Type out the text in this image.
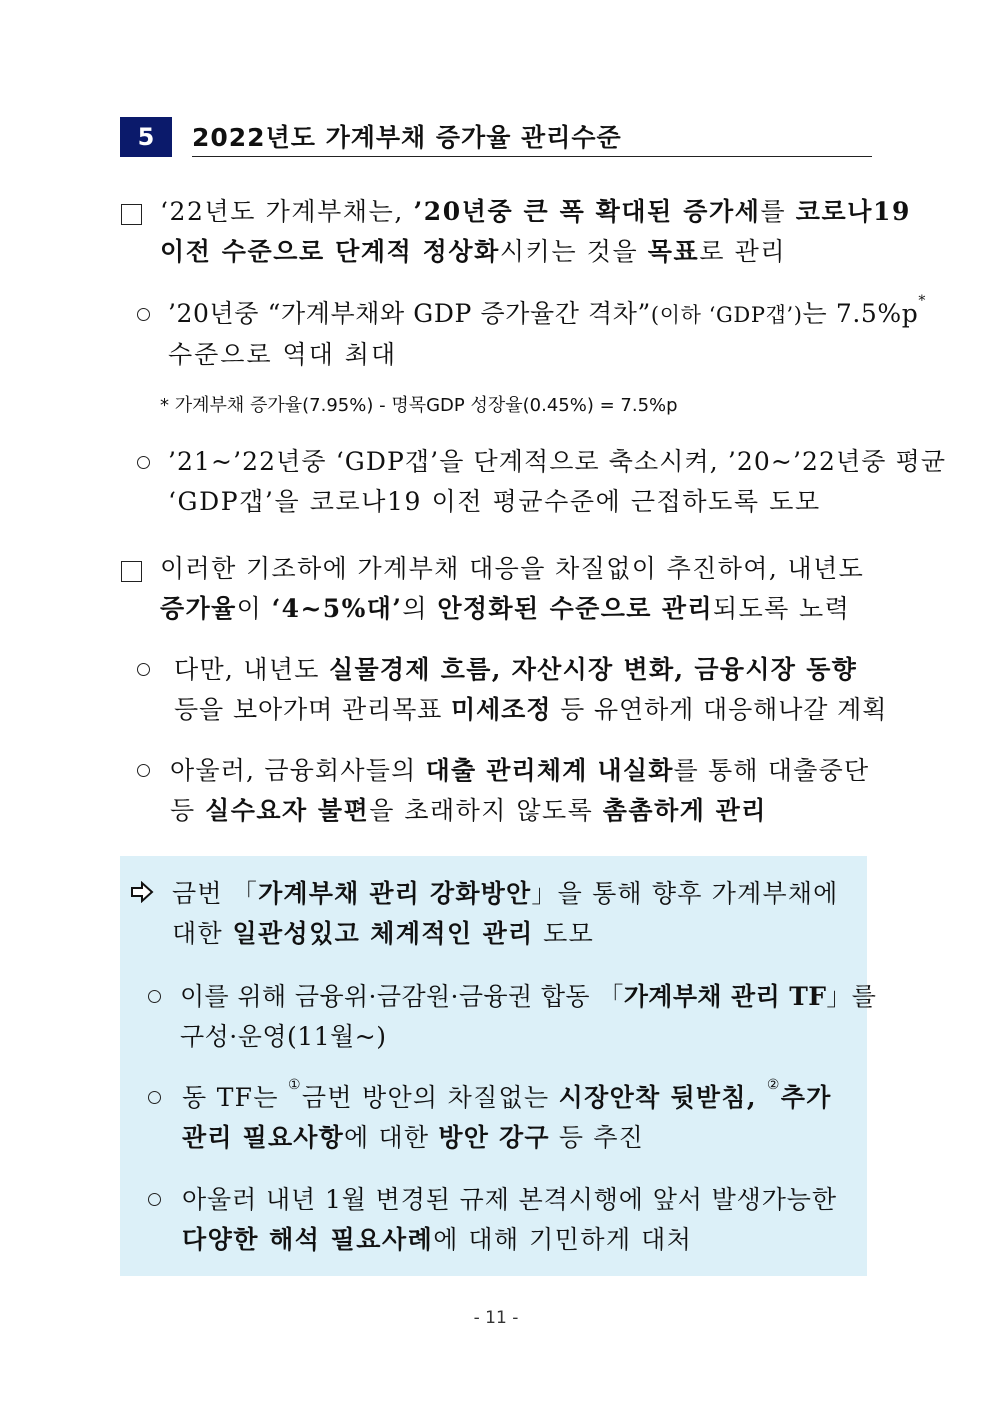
5	2022년도 가계부채 증가율 관리수준
‘22년도 가계부채는, ’20년중 큰 폭 확대된 증가세를 코로나19
이전 수준으로 단계적 정상화시키는 것을 목표로 관리
’20년중 “가계부채와 GDP 증가율간 격차”(이하 ‘GDP갭’)는 7.5%p*
수준으로 역대 최대
* 가계부채 증가율(7.95%) - 명목GDP 성장율(0.45%) = 7.5%p
’21~’22년중 ‘GDP갭’을 단계적으로 축소시켜, ’20~’22년중 평균
‘GDP갭’을 코로나19 이전 평균수준에 근접하도록 도모
이러한 기조하에 가계부채 대응을 차질없이 추진하여, 내년도
증가율이 ‘4~5%대’의 안정화된 수준으로 관리되도록 노력
다만, 내년도 실물경제 흐름, 자산시장 변화, 금융시장 동향
등을 보아가며 관리목표 미세조정 등 유연하게 대응해나갈 계획
아울러, 금융회사들의 대출 관리체계 내실화를 통해 대출중단
등 실수요자 불편을 초래하지 않도록 촘촘하게 관리
금번 「가계부채 관리 강화방안」을 통해 향후 가계부채에
대한 일관성있고 체계적인 관리 도모
이를 위해 금융위·금감원·금융권 합동 「가계부채 관리 TF」를
구성·운영(11월~)
동 TF는 ①금번 방안의 차질없는 시장안착 뒷받침, ②추가
관리 필요사항에 대한 방안 강구 등 추진
아울러 내년 1월 변경된 규제 본격시행에 앞서 발생가능한
다양한 해석 필요사례에 대해 기민하게 대처
- 11 -
